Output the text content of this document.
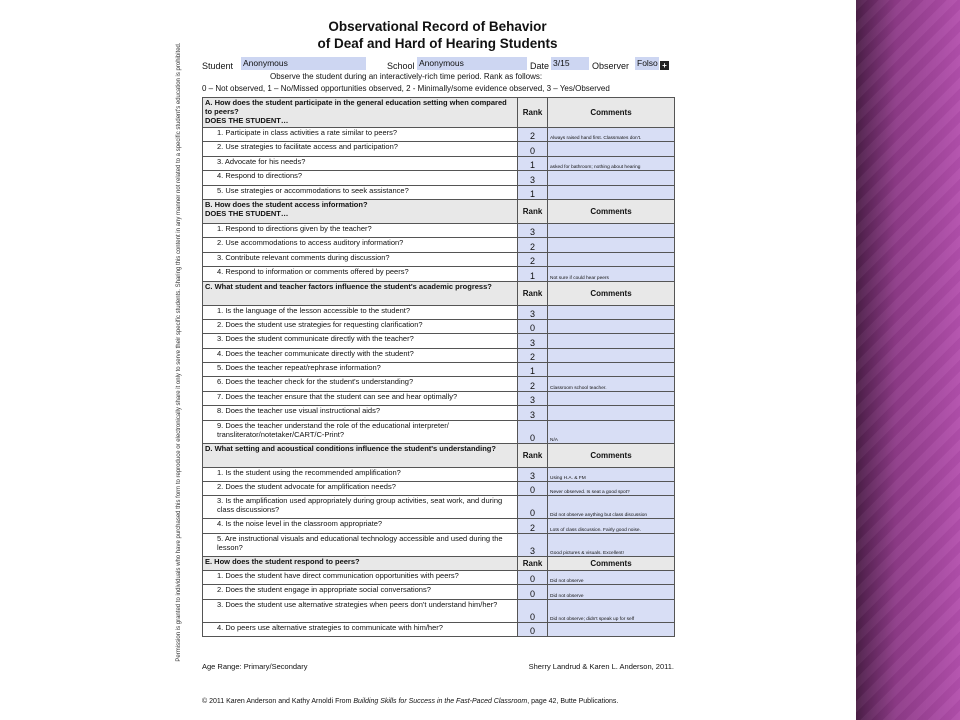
Permission is granted to individuals who have purchased this form to reproduce or electronically share it only to serve their specific students. Sharing this content in any manner not related to a specific student's education is prohibited.
Observational Record of Behavior
of Deaf and Hard of Hearing Students
Student Anonymous	School Anonymous	Date 3/15	Observer Folso +
Observe the student during an interactively-rich time period. Rank as follows:
0 – Not observed, 1 – No/Missed opportunities observed, 2 - Minimally/some evidence observed, 3 – Yes/Observed
A. How does the student participate in the general education setting when compared to peers?
DOES THE STUDENT…	Rank	Comments
1. Participate in class activities a rate similar to peers?	2	Always raised hand first. Classmates don't.
2. Use strategies to facilitate access and participation?	0	
3. Advocate for his needs?	1	asked for bathroom; nothing about hearing
4. Respond to directions?	3	
5. Use strategies or accommodations to seek assistance?	1	
B. How does the student access information?
DOES THE STUDENT…	Rank	Comments
1. Respond to directions given by the teacher?	3	
2. Use accommodations to access auditory information?	2	
3. Contribute relevant comments during discussion?	2	
4. Respond to information or comments offered by peers?	1	Not sure if could hear peers
C. What student and teacher factors influence the student's academic progress?	Rank	Comments
1. Is the language of the lesson accessible to the student?	3	
2. Does the student use strategies for requesting clarification?	0	
3. Does the student communicate directly with the teacher?	3	
4. Does the teacher communicate directly with the student?	2	
5. Does the teacher repeat/rephrase information?	1	
6. Does the teacher check for the student's understanding?	2	Classroom school teacher.
7. Does the teacher ensure that the student can see and hear optimally?	3	
8. Does the teacher use visual instructional aids?	3	
9. Does the teacher understand the role of the educational interpreter/ transliterator/notetaker/CART/C-Print?	0	N/A
D. What setting and acoustical conditions influence the student's understanding?	Rank	Comments
1. Is the student using the recommended amplification?	3	Using H.A. & FM
2. Does the student advocate for amplification needs?	0	Never observed. Is seat a good spot?
3. Is the amplification used appropriately during group activities, seat work, and during class discussions?	0	Did not observe anything but class discussion
4. Is the noise level in the classroom appropriate?	2	Lots of class discussion. Fairly good noise.
5. Are instructional visuals and educational technology accessible and used during the lesson?	3	Good pictures & visuals. Excellent!
E. How does the student respond to peers?	Rank	Comments
1. Does the student have direct communication opportunities with peers?	0	Did not observe
2. Does the student engage in appropriate social conversations?	0	Did not observe
3. Does the student use alternative strategies when peers don't understand him/her?	0	Did not observe; didn't speak up for self
4. Do peers use alternative strategies to communicate with him/her?	0	
Age Range: Primary/Secondary	Sherry Landrud & Karen L. Anderson, 2011.
© 2011 Karen Anderson and Kathy Arnoldi From Building Skills for Success in the Fast-Paced Classroom, page 42, Butte Publications.
